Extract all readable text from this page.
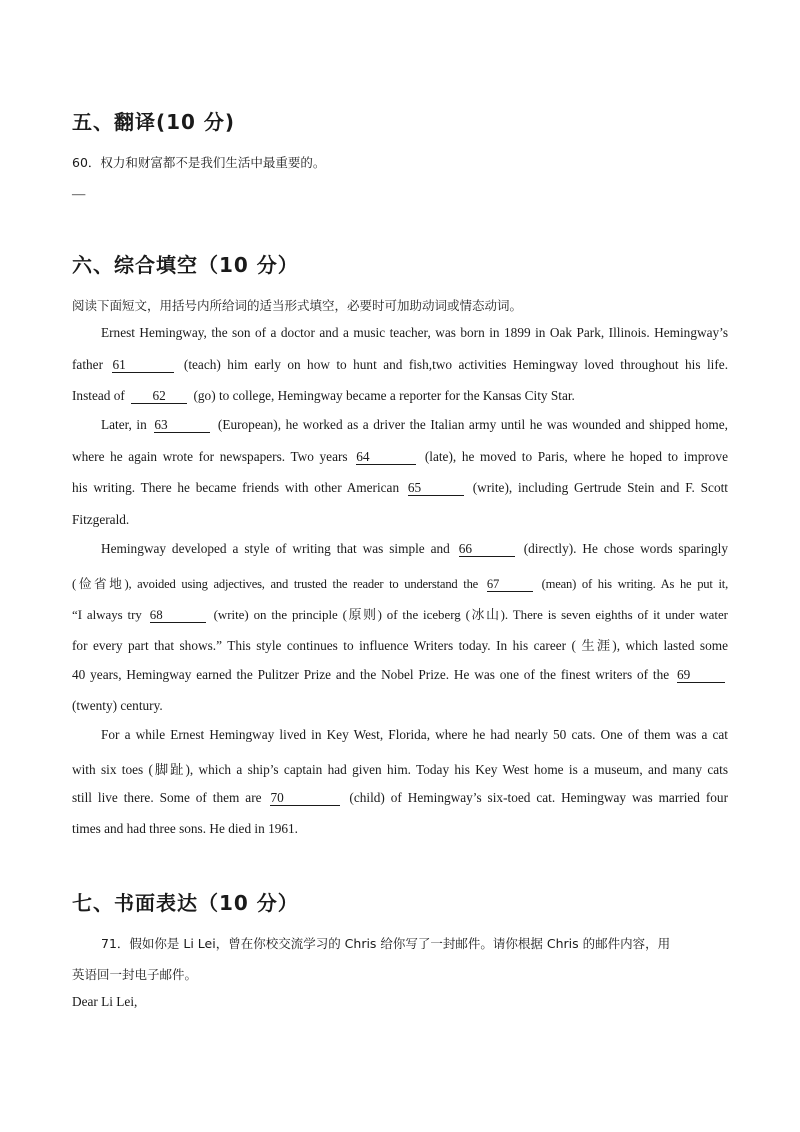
五、翻译(10 分)
60．权力和财富都不是我们生活中最重要的。
—
六、综合填空（10 分）
阅读下面短文，用括号内所给词的适当形式填空，必要时可加助动词或情态动词。
Ernest Hemingway, the son of a doctor and a music teacher, was born in 1899 in Oak Park, Illinois. Hemingway’s
father 61	(teach) him early on how to hunt and fish,two activities Hemingway loved throughout his life.
Instead of 62 (go) to college, Hemingway became a reporter for the Kansas City Star.
Later, in 63	(European), he worked as a driver the Italian army until he was wounded and shipped home,
where he again wrote for newspapers. Two years 64	(late), he moved to Paris, where he hoped to improve
his writing. There he became friends with other American 65	(write), including Gertrude Stein and F. Scott
Fitzgerald.
Hemingway developed a style of writing that was simple and 66	(directly). He chose words sparingly
(俭省地), avoided using adjectives, and trusted the reader to understand the 67	(mean) of his writing. As he put it,
“I always try 68	(write) on the principle (原则) of the iceberg (冰山). There is seven eighths of it under water
for every part that shows.” This style continues to influence Writers today. In his career ( 生涯), which lasted some
40 years, Hemingway earned the Pulitzer Prize and the Nobel Prize. He was one of the finest writers of the 69
(twenty) century.
For a while Ernest Hemingway lived in Key West, Florida, where he had nearly 50 cats. One of them was a cat
with six toes (脚趾), which a ship’s captain had given him. Today his Key West home is a museum, and many cats
still live there. Some of them are 70	(child) of Hemingway’s six-toed cat. Hemingway was married four
times and had three sons. He died in 1961.
七、书面表达（10 分）
71．假如你是 Li Lei，曾在你校交流学习的 Chris 给你写了一封邮件。请你根据 Chris 的邮件内容，用
英语回一封电子邮件。
Dear Li Lei,
